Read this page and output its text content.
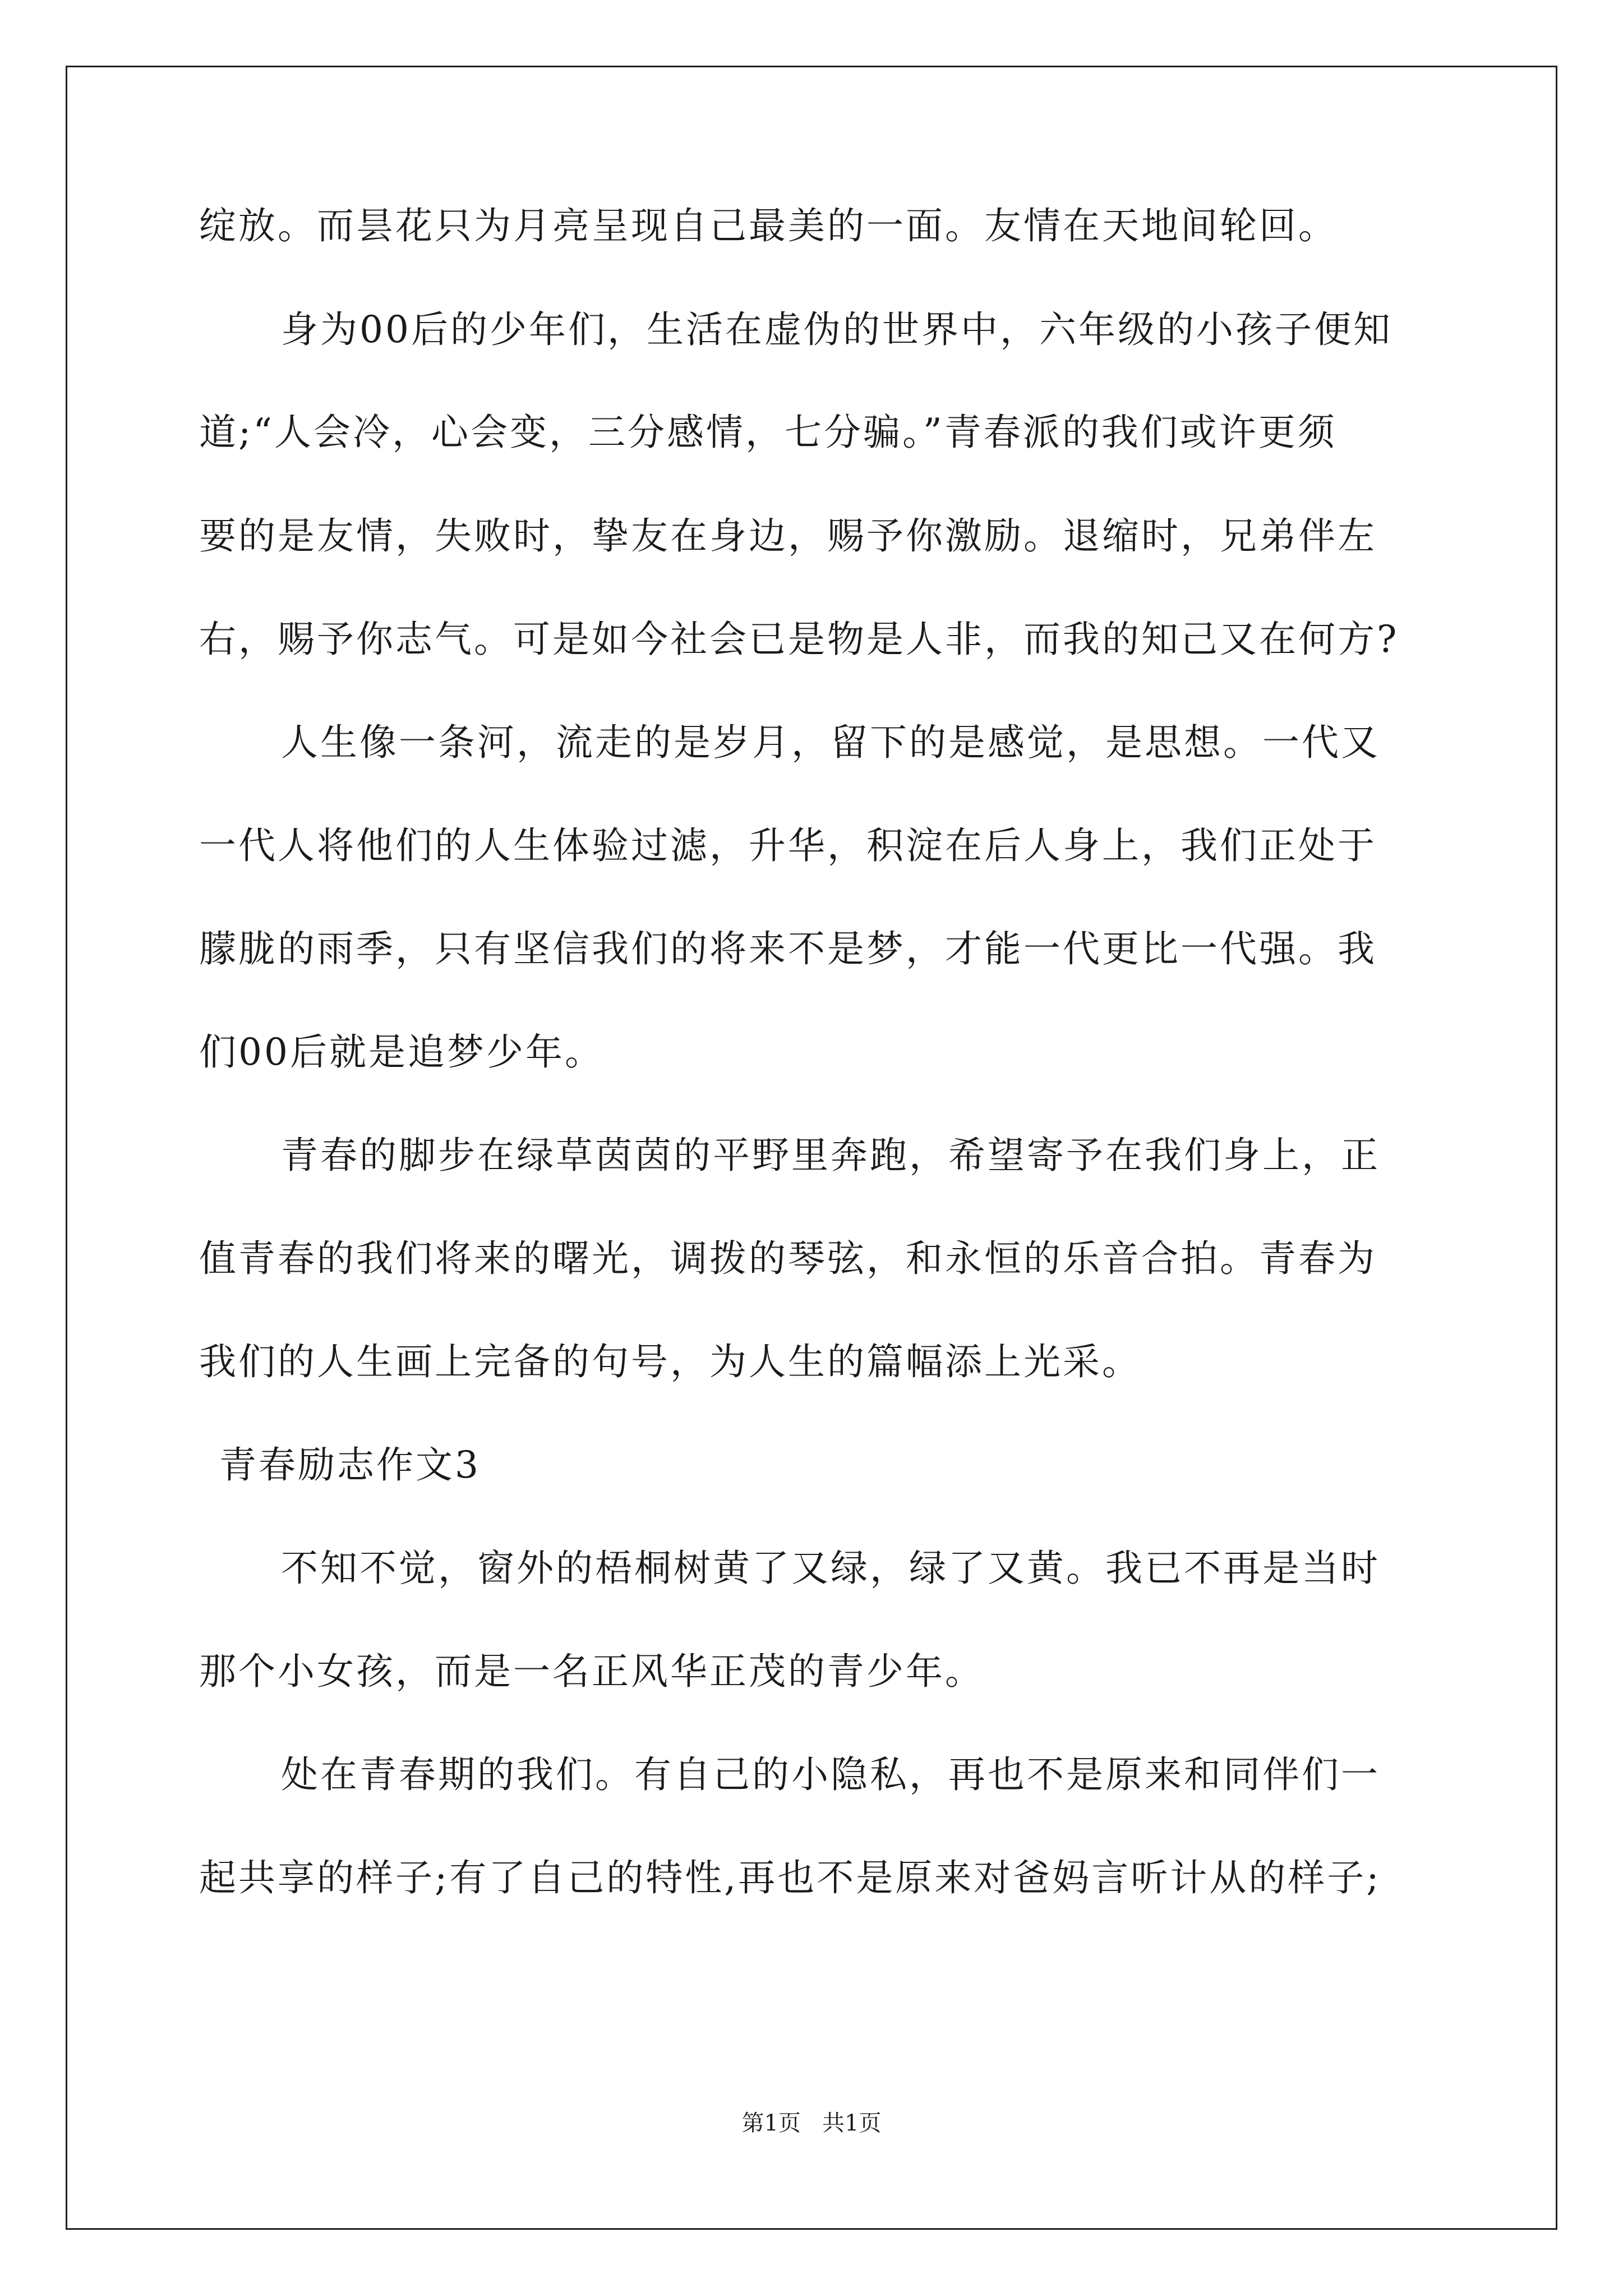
绽放。而昙花只为月亮呈现自己最美的一面。友情在天地间轮回。
身为00后的少年们，生活在虚伪的世界中，六年级的小孩子便知
道;“人会冷，心会变，三分感情，七分骗。”青春派的我们或许更须
要的是友情，失败时，挚友在身边，赐予你激励。退缩时，兄弟伴左
右，赐予你志气。可是如今社会已是物是人非，而我的知己又在何方?
人生像一条河，流走的是岁月，留下的是感觉，是思想。一代又
一代人将他们的人生体验过滤，升华，积淀在后人身上，我们正处于
朦胧的雨季，只有坚信我们的将来不是梦，才能一代更比一代强。我
们00后就是追梦少年。
青春的脚步在绿草茵茵的平野里奔跑，希望寄予在我们身上，正
值青春的我们将来的曙光，调拨的琴弦，和永恒的乐音合拍。青春为
我们的人生画上完备的句号，为人生的篇幅添上光采。
青春励志作文3
不知不觉，窗外的梧桐树黄了又绿，绿了又黄。我已不再是当时
那个小女孩，而是一名正风华正茂的青少年。
处在青春期的我们。有自己的小隐私，再也不是原来和同伴们一
起共享的样子;有了自己的特性,再也不是原来对爸妈言听计从的样子;
第1页   共1页
